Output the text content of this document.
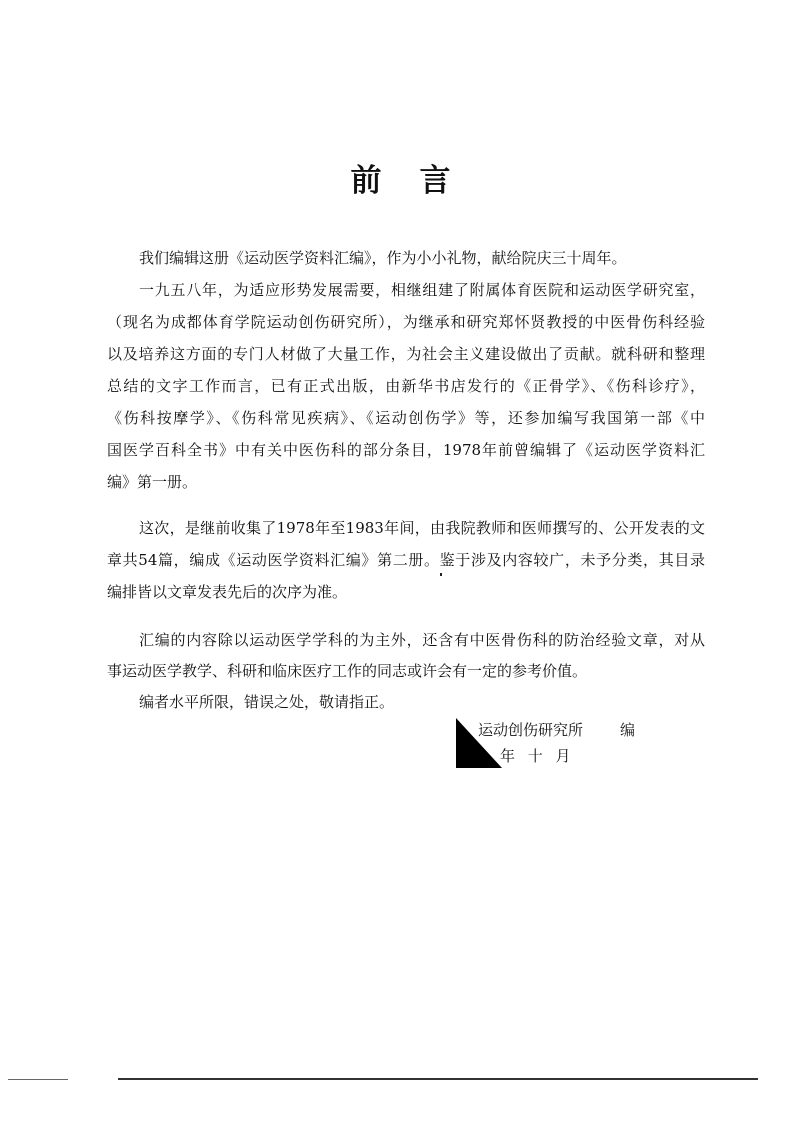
前言
我们编辑这册《运动医学资料汇编》，作为小小礼物，献给院庆三十周年。
一九五八年，为适应形势发展需要，相继组建了附属体育医院和运动医学研究室，
（现名为成都体育学院运动创伤研究所），为继承和研究郑怀贤教授的中医骨伤科经验
以及培养这方面的专门人材做了大量工作，为社会主义建设做出了贡献。就科研和整理
总结的文字工作而言，已有正式出版，由新华书店发行的《正骨学》、《伤科诊疗》，
《伤科按摩学》、《伤科常见疾病》、《运动创伤学》等，还参加编写我国第一部《中
国医学百科全书》中有关中医伤科的部分条目，1978年前曾编辑了《运动医学资料汇
编》第一册。
这次，是继前收集了1978年至1983年间，由我院教师和医师撰写的、公开发表的文
章共54篇，编成《运动医学资料汇编》第二册。鉴于涉及内容较广，未予分类，其目录
编排皆以文章发表先后的次序为准。
汇编的内容除以运动医学学科的为主外，还含有中医骨伤科的防治经验文章，对从
事运动医学教学、科研和临床医疗工作的同志或许会有一定的参考价值。
编者水平所限，错误之处，敬请指正。
运动创伤研究所 编
年 十 月
